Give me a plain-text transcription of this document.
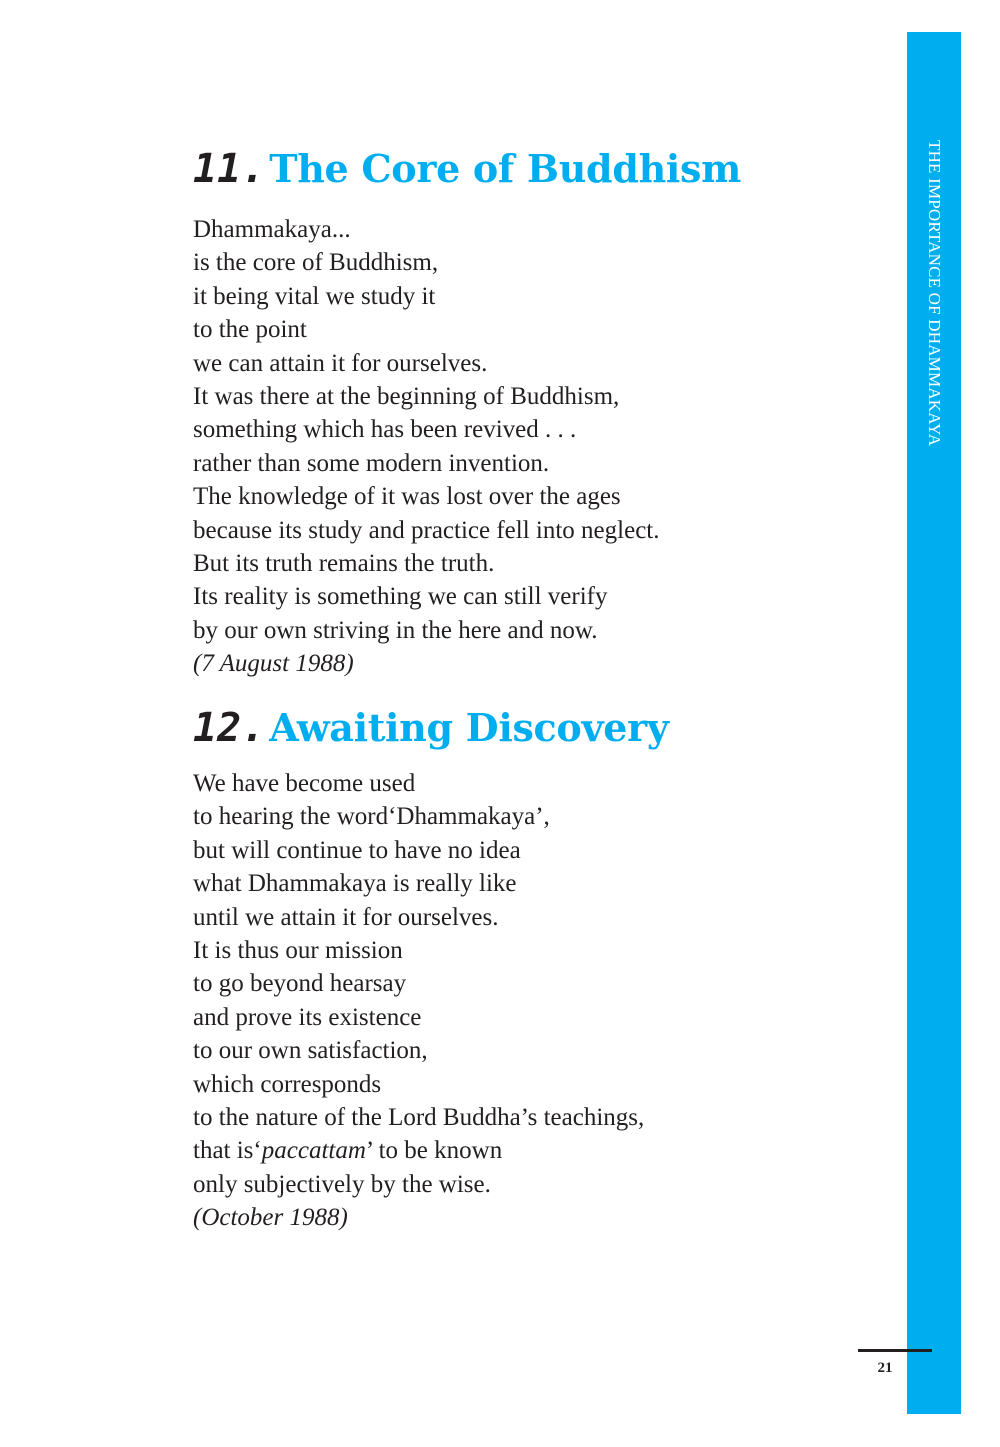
THE IMPORTANCE OF DHAMMAKAYA
11. The Core of Buddhism
Dhammakaya...
is the core of Buddhism,
it being vital we study it
to the point
we can attain it for ourselves.
It was there at the beginning of Buddhism,
something which has been revived . . .
rather than some modern invention.
The knowledge of it was lost over the ages
because its study and practice fell into neglect.
But its truth remains the truth.
Its reality is something we can still verify
by our own striving in the here and now.
(7 August 1988)
12. Awaiting Discovery
We have become used
to hearing the word‘Dhammakaya’,
but will continue to have no idea
what Dhammakaya is really like
until we attain it for ourselves.
It is thus our mission
to go beyond hearsay
and prove its existence
to our own satisfaction,
which corresponds
to the nature of the Lord Buddha’s teachings,
that is‘paccattam’ to be known
only subjectively by the wise.
(October 1988)
21
